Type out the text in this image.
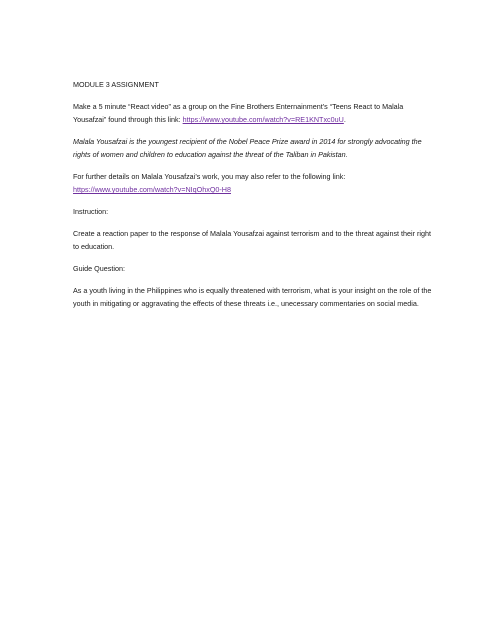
MODULE 3 ASSIGNMENT

Make a 5 minute “React video” as a group on the Fine Brothers Enternainment’s “Teens React to Malala Yousafzai” found through this link: https://www.youtube.com/watch?v=RE1KNTxc0uU.

Malala Yousafzai is the youngest recipient of the Nobel Peace Prize award in 2014 for strongly advocating the rights of women and children to education against the threat of the Taliban in Pakistan.

For further details on Malala Yousafzai’s work, you may also refer to the following link: https://www.youtube.com/watch?v=NIqOhxQ0-H8

Instruction:

Create a reaction paper to the response of Malala Yousafzai against terrorism and to the threat against their right to education.

Guide Question:

As a youth living in the Philippines who is equally threatened with terrorism, what is your insight on the role of the youth in mitigating or aggravating the effects of these threats i.e., unecessary commentaries on social media.
